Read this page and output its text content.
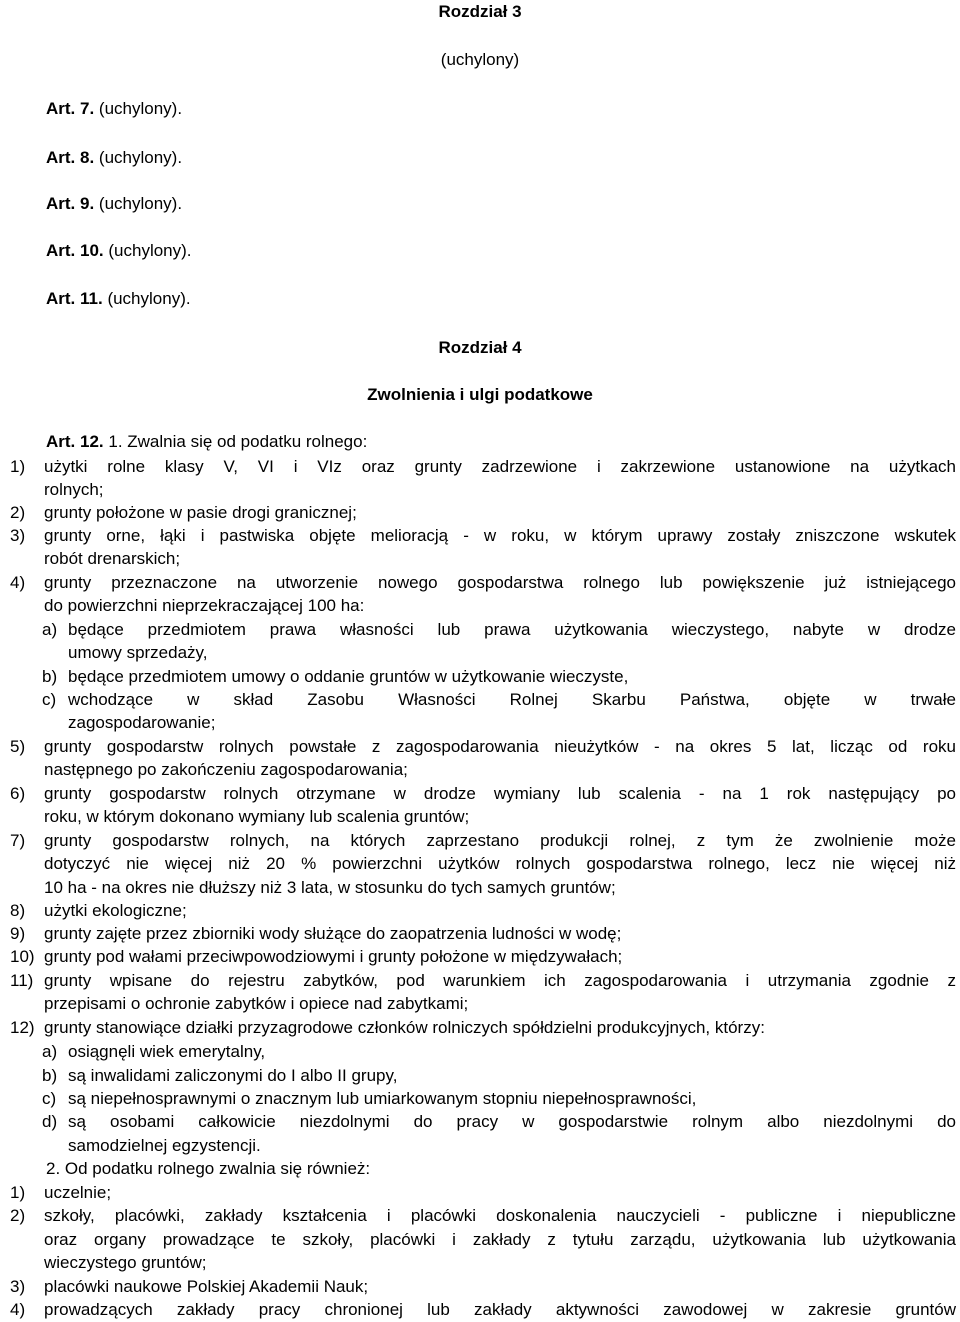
Rozdział 3
(uchylony)
Art. 7. (uchylony).
Art. 8. (uchylony).
Art. 9. (uchylony).
Art. 10. (uchylony).
Art. 11. (uchylony).
Rozdział 4
Zwolnienia i ulgi podatkowe
Art. 12. 1. Zwalnia się od podatku rolnego:
1) użytki rolne klasy V, VI i VIz oraz grunty zadrzewione i zakrzewione ustanowione na użytkach
rolnych;
2) grunty położone w pasie drogi granicznej;
3) grunty orne, łąki i pastwiska objęte melioracją - w roku, w którym uprawy zostały zniszczone wskutek
robót drenarskich;
4) grunty przeznaczone na utworzenie nowego gospodarstwa rolnego lub powiększenie już istniejącego
do powierzchni nieprzekraczającej 100 ha:
a) będące przedmiotem prawa własności lub prawa użytkowania wieczystego, nabyte w drodze
umowy sprzedaży,
b) będące przedmiotem umowy o oddanie gruntów w użytkowanie wieczyste,
c) wchodzące w skład Zasobu Własności Rolnej Skarbu Państwa, objęte w trwałe
zagospodarowanie;
5) grunty gospodarstw rolnych powstałe z zagospodarowania nieużytków - na okres 5 lat, licząc od roku
następnego po zakończeniu zagospodarowania;
6) grunty gospodarstw rolnych otrzymane w drodze wymiany lub scalenia - na 1 rok następujący po
roku, w którym dokonano wymiany lub scalenia gruntów;
7) grunty gospodarstw rolnych, na których zaprzestano produkcji rolnej, z tym że zwolnienie może
dotyczyć nie więcej niż 20 % powierzchni użytków rolnych gospodarstwa rolnego, lecz nie więcej niż
10 ha - na okres nie dłuższy niż 3 lata, w stosunku do tych samych gruntów;
8) użytki ekologiczne;
9) grunty zajęte przez zbiorniki wody służące do zaopatrzenia ludności w wodę;
10) grunty pod wałami przeciwpowodziowymi i grunty położone w międzywałach;
11) grunty wpisane do rejestru zabytków, pod warunkiem ich zagospodarowania i utrzymania zgodnie z
przepisami o ochronie zabytków i opiece nad zabytkami;
12) grunty stanowiące działki przyzagrodowe członków rolniczych spółdzielni produkcyjnych, którzy:
a) osiągnęli wiek emerytalny,
b) są inwalidami zaliczonymi do I albo II grupy,
c) są niepełnosprawnymi o znacznym lub umiarkowanym stopniu niepełnosprawności,
d) są osobami całkowicie niezdolnymi do pracy w gospodarstwie rolnym albo niezdolnymi do
samodzielnej egzystencji.
2. Od podatku rolnego zwalnia się również:
1) uczelnie;
2) szkoły, placówki, zakłady kształcenia i placówki doskonalenia nauczycieli - publiczne i niepubliczne
oraz organy prowadzące te szkoły, placówki i zakłady z tytułu zarządu, użytkowania lub użytkowania
wieczystego gruntów;
3) placówki naukowe Polskiej Akademii Nauk;
4) prowadzących zakłady pracy chronionej lub zakłady aktywności zawodowej w zakresie gruntów
